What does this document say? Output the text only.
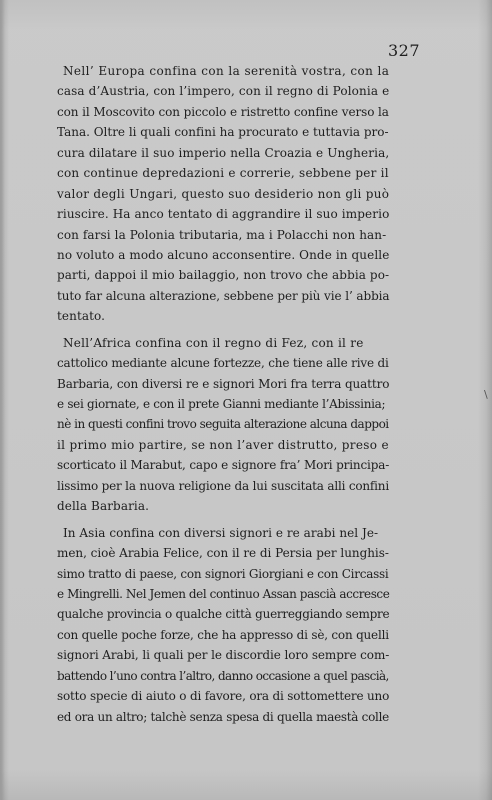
327
Nell’ Europa confina con la serenità vostra, con la
casa d’Austria, con l’impero, con il regno di Polonia e
con il Moscovito con piccolo e ristretto confine verso la
Tana. Oltre li quali confini ha procurato e tuttavia pro-
cura dilatare il suo imperio nella Croazia e Ungheria,
con continue depredazioni e correrie, sebbene per il
valor degli Ungari, questo suo desiderio non gli può
riuscire. Ha anco tentato di aggrandire il suo imperio
con farsi la Polonia tributaria, ma i Polacchi non han-
no voluto a modo alcuno acconsentire. Onde in quelle
parti, dappoi il mio bailaggio, non trovo che abbia po-
tuto far alcuna alterazione, sebbene per più vie l’ abbia
tentato.
Nell’Africa confina con il regno di Fez, con il re
cattolico mediante alcune fortezze, che tiene alle rive di
Barbaria, con diversi re e signori Mori fra terra quattro
e sei giornate, e con il prete Gianni mediante l’Abissinia;
nè in questi confini trovo seguita alterazione alcuna dappoi
il primo mio partire, se non l’aver distrutto, preso e
scorticato il Marabut, capo e signore fra’ Mori principa-
lissimo per la nuova religione da lui suscitata alli confini
della Barbaria.
In Asia confina con diversi signori e re arabi nel Je-
men, cioè Arabia Felice, con il re di Persia per lunghis-
simo tratto di paese, con signori Giorgiani e con Circassi
e Mingrelli. Nel Jemen del continuo Assan pascià accresce
qualche provincia o qualche città guerreggiando sempre
con quelle poche forze, che ha appresso di sè, con quelli
signori Arabi, li quali per le discordie loro sempre com-
battendo l’uno contra l’altro, danno occasione a quel pascià,
sotto specie di aiuto o di favore, ora di sottomettere uno
ed ora un altro; talchè senza spesa di quella maestà colle
\
